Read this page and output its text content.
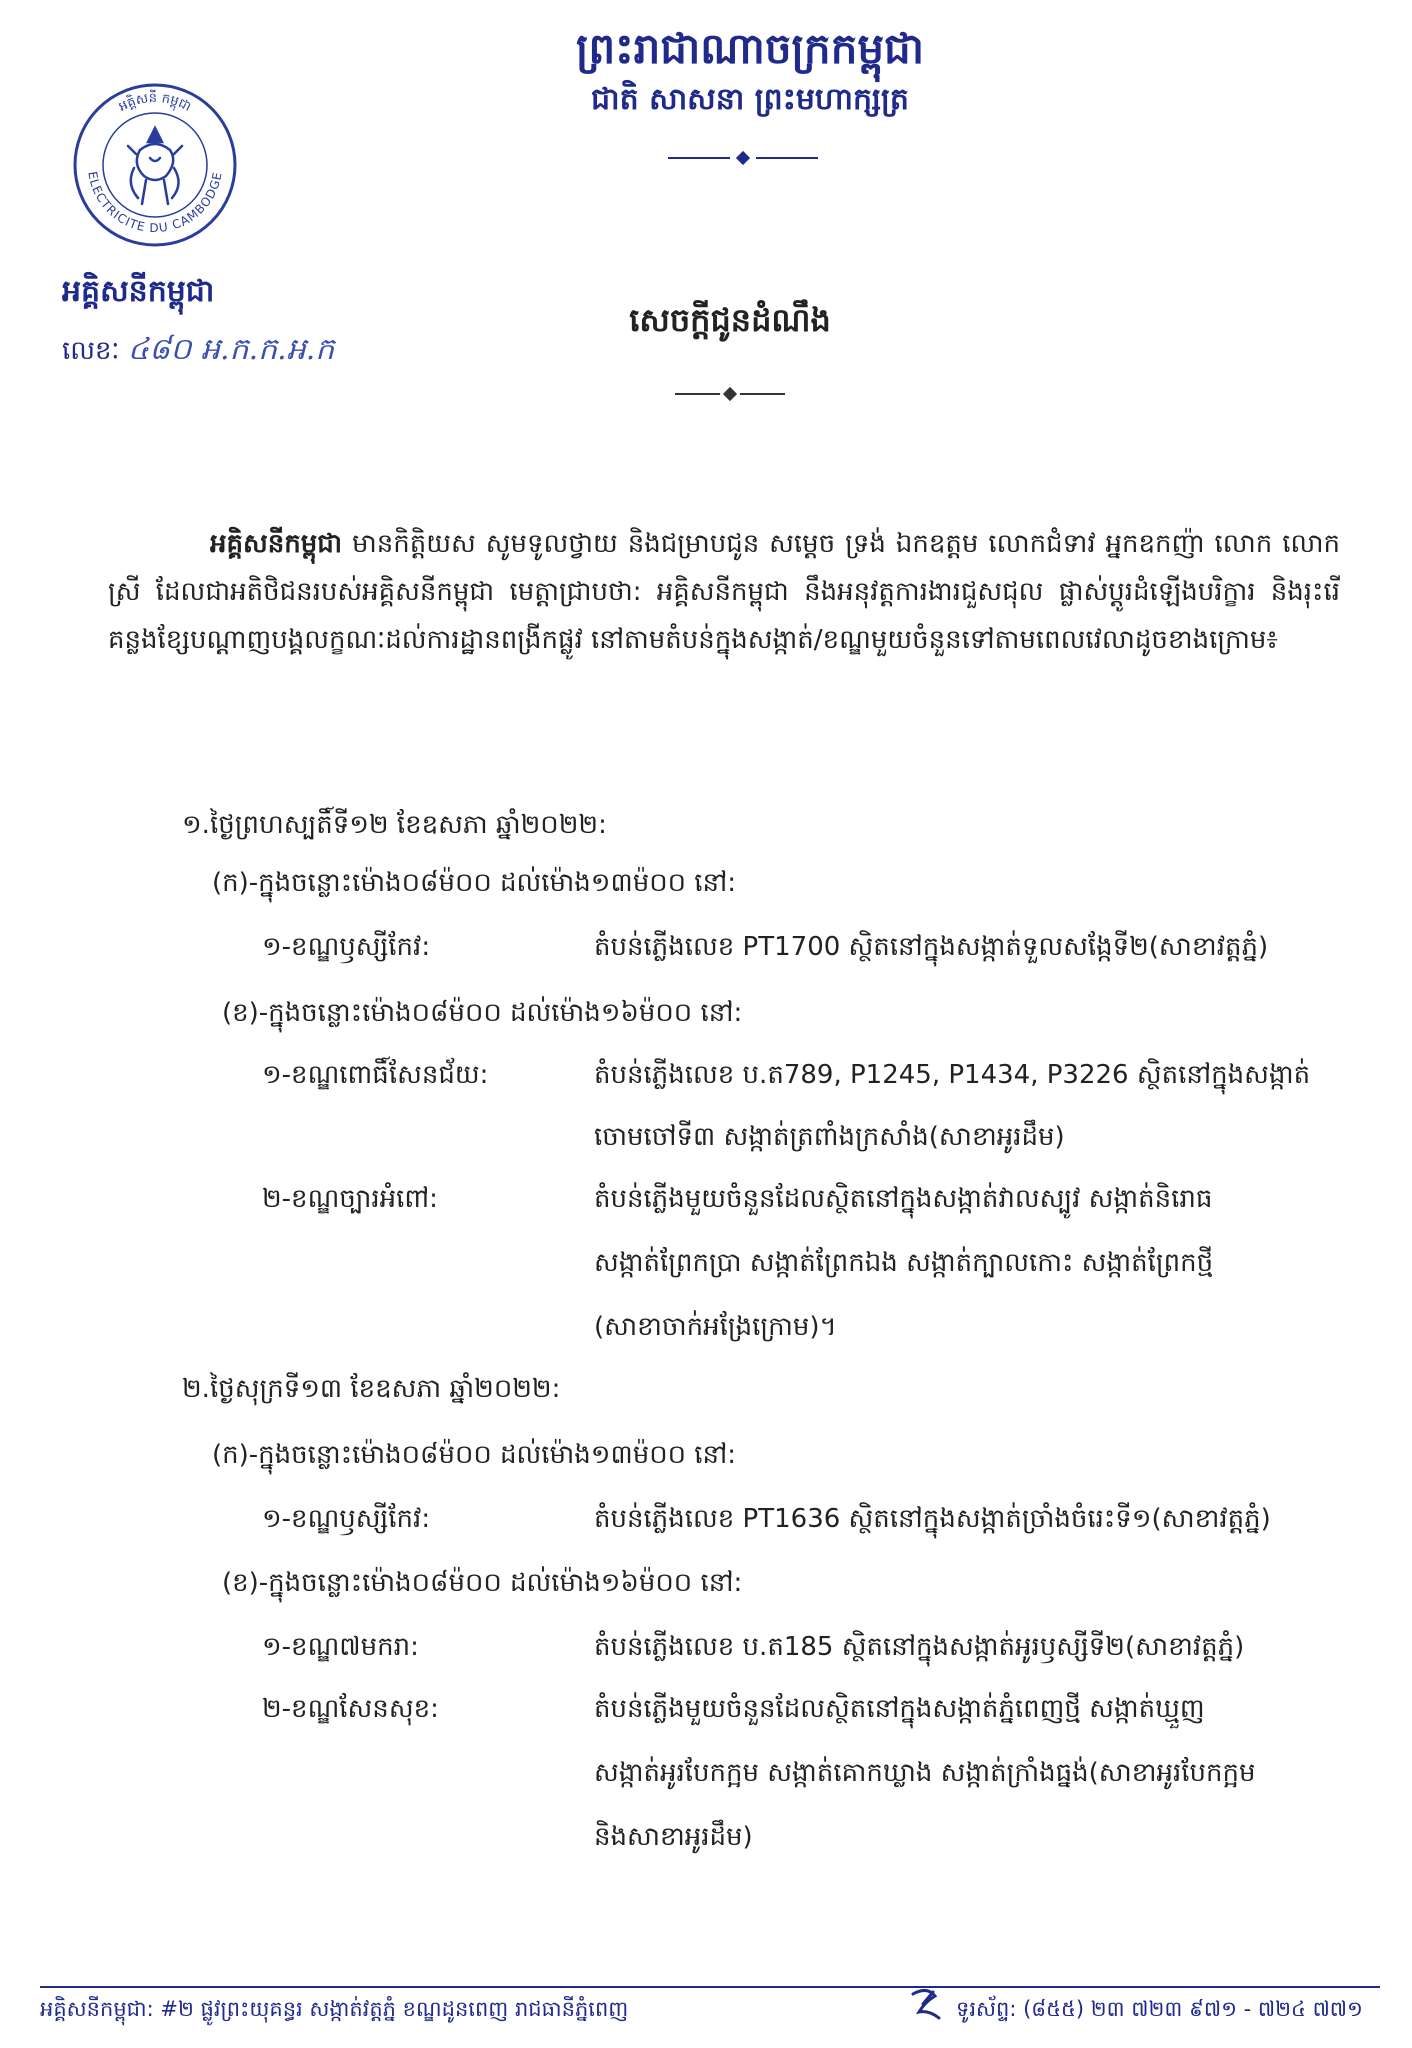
ព្រះរាជាណាចក្រកម្ពុជា
ជាតិ សាសនា ព្រះមហាក្សត្រ
អគ្គិសនី កម្ពុជា
ELECTRICITE DU CAMBODGE
អគ្គិសនីកម្ពុជា
លេខៈ ៤៨០ អ.ក.ក.អ.ក
សេចក្ដីជូនដំណឹង
អគ្គិសនីកម្ពុជា មានកិត្តិយស សូមទូលថ្វាយ និងជម្រាបជូន សម្ដេច ទ្រង់ ឯកឧត្តម លោកជំទាវ អ្នកឧកញ៉ា លោក លោកស្រី ដែលជាអតិថិជនរបស់អគ្គិសនីកម្ពុជា មេត្តាជ្រាបថា: អគ្គិសនីកម្ពុជា នឹងអនុវត្តការងារជួសជុល ផ្លាស់ប្ដូរដំឡើងបរិក្ខារ និងរុះរើគន្លងខ្សែបណ្ដាញបង្គលក្ខណៈដល់ការដ្ឋានពង្រីកផ្លូវ នៅតាមតំបន់ក្នុងសង្កាត់/ខណ្ឌមួយចំនួនទៅតាមពេលវេលាដូចខាងក្រោម៖
១.ថ្ងៃព្រហស្បតិ៍ទី១២ ខែឧសភា ឆ្នាំ២០២២:
(ក)-ក្នុងចន្លោះម៉ោង០៨ម៉០០ ដល់ម៉ោង១៣ម៉០០ នៅ:
១-ខណ្ឌឫស្សីកែវ:	តំបន់ភ្លើងលេខ PT1700 ស្ថិតនៅក្នុងសង្កាត់ទួលសង្កែទី២(សាខាវត្តភ្នំ)
(ខ)-ក្នុងចន្លោះម៉ោង០៨ម៉០០ ដល់ម៉ោង១៦ម៉០០ នៅ:
១-ខណ្ឌពោធិ៍សែនជ័យ:	តំបន់ភ្លើងលេខ ប.ត789, P1245, P1434, P3226 ស្ថិតនៅក្នុងសង្កាត់
ចោមចៅទី៣ សង្កាត់ត្រពាំងក្រសាំង(សាខាអូរដឹម)
២-ខណ្ឌច្បារអំពៅ:	តំបន់ភ្លើងមួយចំនួនដែលស្ថិតនៅក្នុងសង្កាត់វាលស្បូវ សង្កាត់និរោធ
សង្កាត់ព្រែកប្រា សង្កាត់ព្រែកឯង សង្កាត់ក្បាលកោះ សង្កាត់ព្រែកថ្មី
(សាខាចាក់អង្រែក្រោម)។
២.ថ្ងៃសុក្រទី១៣ ខែឧសភា ឆ្នាំ២០២២:
(ក)-ក្នុងចន្លោះម៉ោង០៨ម៉០០ ដល់ម៉ោង១៣ម៉០០ នៅ:
១-ខណ្ឌឫស្សីកែវ:	តំបន់ភ្លើងលេខ PT1636 ស្ថិតនៅក្នុងសង្កាត់ច្រាំងចំរេះទី១(សាខាវត្តភ្នំ)
(ខ)-ក្នុងចន្លោះម៉ោង០៨ម៉០០ ដល់ម៉ោង១៦ម៉០០ នៅ:
១-ខណ្ឌ៧មករា:	តំបន់ភ្លើងលេខ ប.ត185 ស្ថិតនៅក្នុងសង្កាត់អូរឫស្សីទី២(សាខាវត្តភ្នំ)
២-ខណ្ឌសែនសុខ:	តំបន់ភ្លើងមួយចំនួនដែលស្ថិតនៅក្នុងសង្កាត់ភ្នំពេញថ្មី សង្កាត់ឃ្មួញ
សង្កាត់អូរបែកក្អម សង្កាត់គោកឃ្លាង សង្កាត់ក្រាំងធ្នង់(សាខាអូរបែកក្អម
និងសាខាអូរដឹម)
អគ្គិសនីកម្ពុជា: #២ ផ្លូវព្រះយុគន្ធរ សង្កាត់វត្តភ្នំ ខណ្ឌដូនពេញ រាជធានីភ្នំពេញ	ទូរស័ព្ទ: (៨៥៥) ២៣ ៧២៣ ៩៧១ - ៧២៤ ៧៧១
